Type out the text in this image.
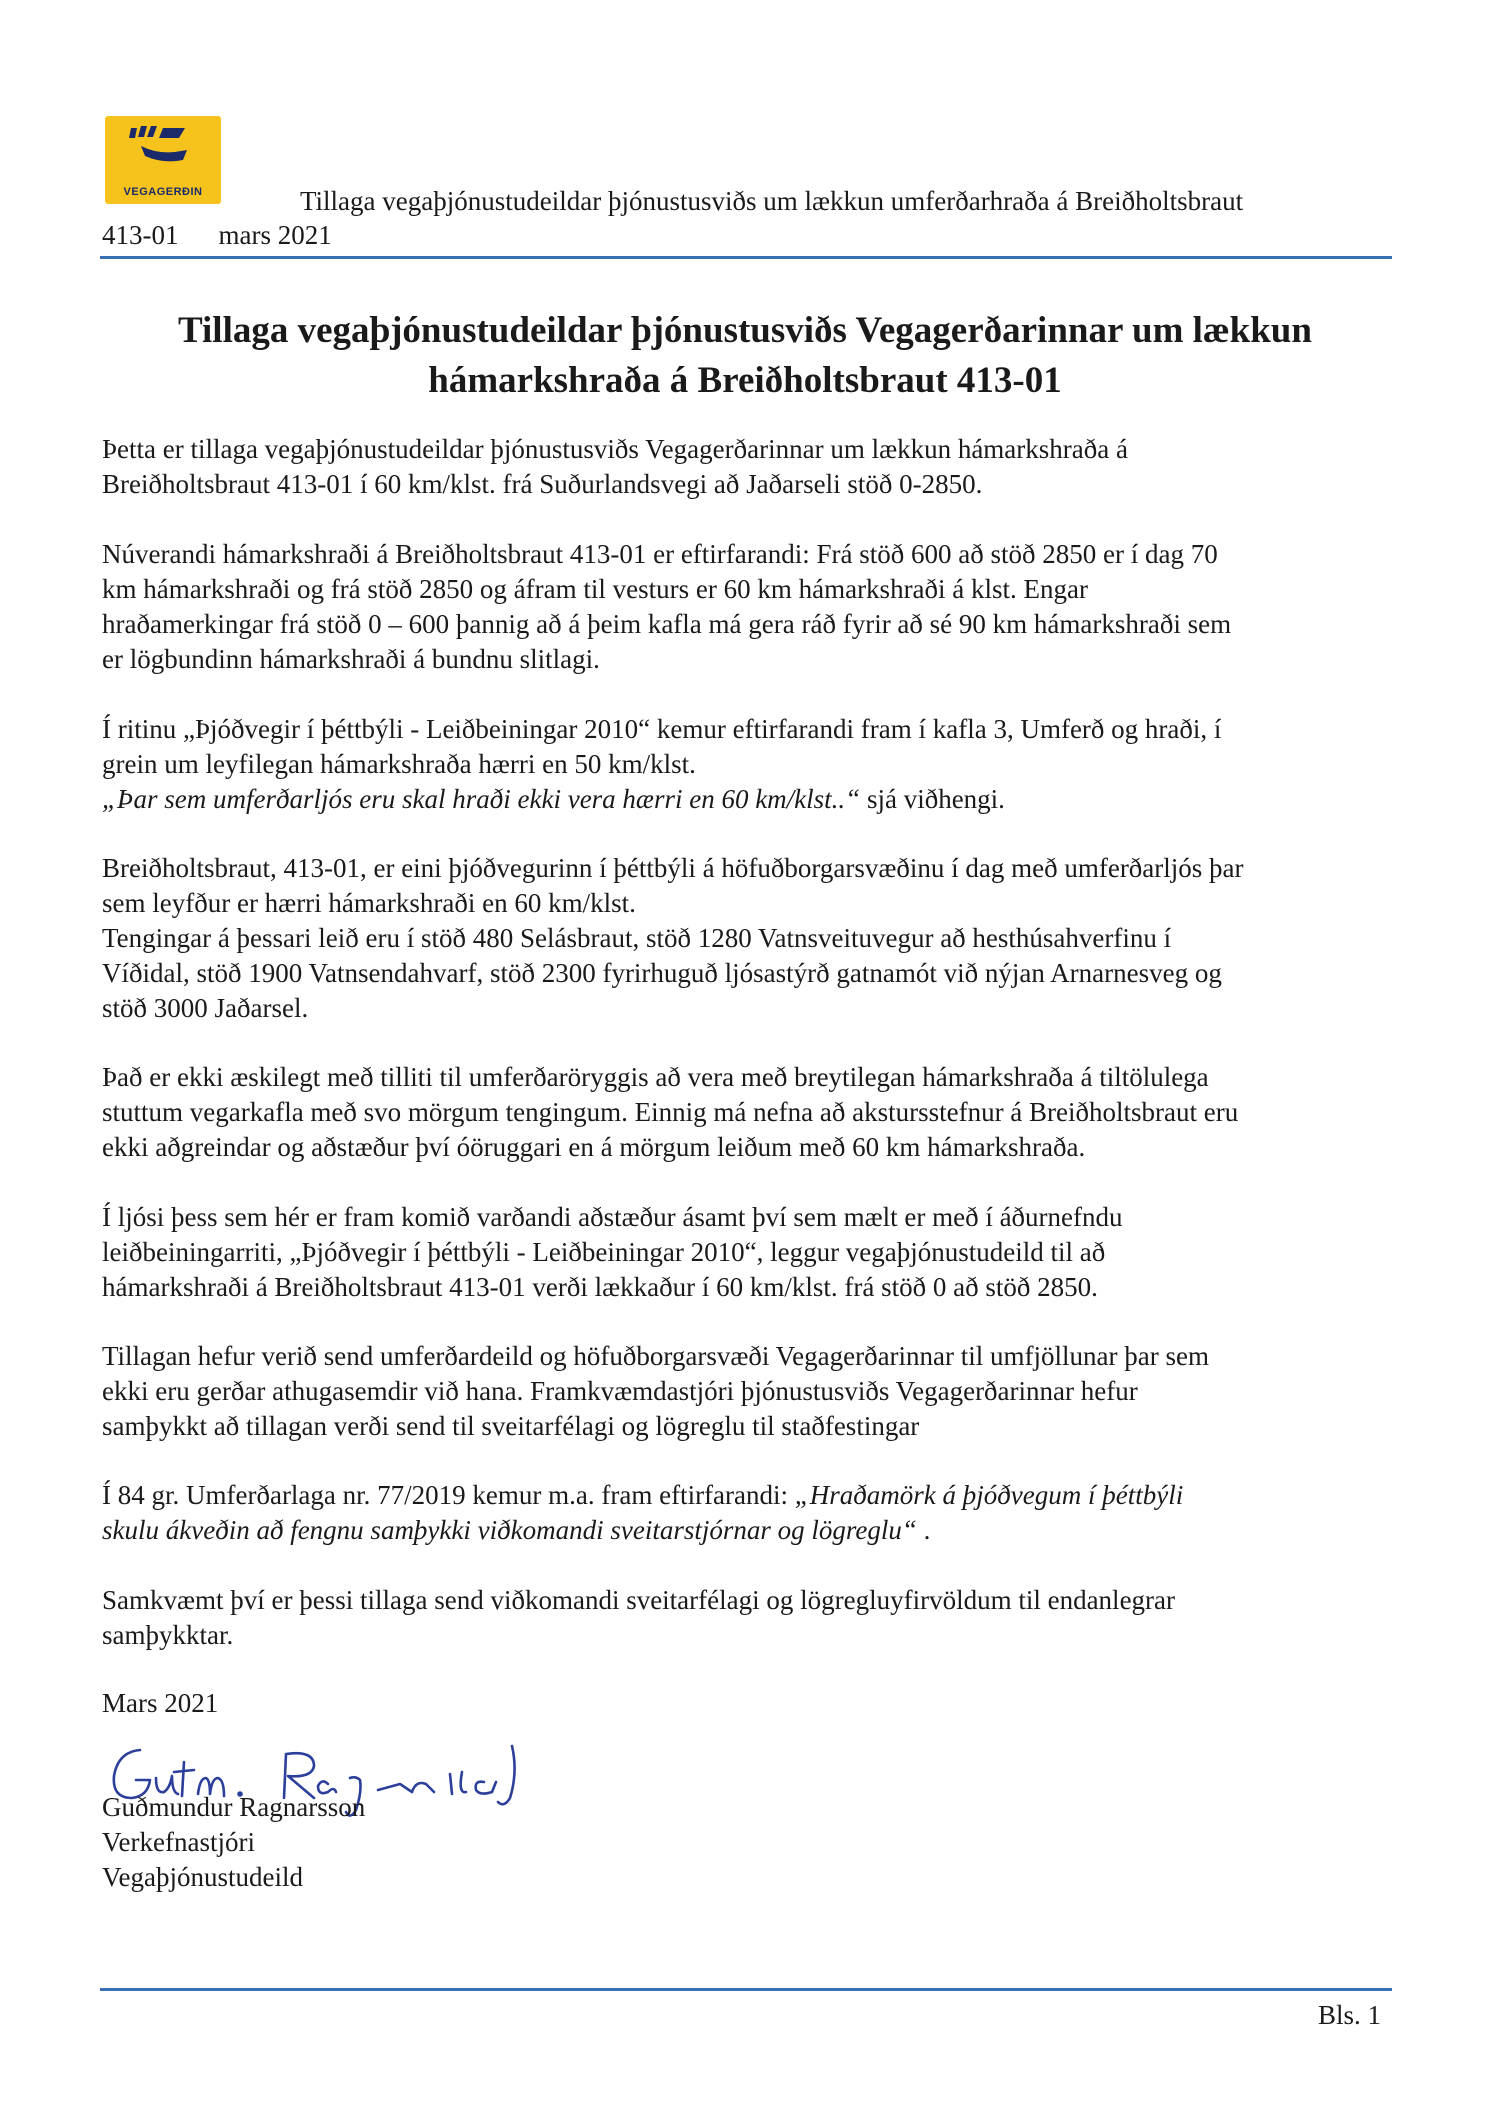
VEGAGERÐIN	Tillaga vegaþjónustudeildar þjónustusviðs um lækkun umferðarhraða á Breiðholtsbraut
413-01 mars 2021
Tillaga vegaþjónustudeildar þjónustusviðs Vegagerðarinnar um lækkun
hámarkshraða á Breiðholtsbraut 413-01
Þetta er tillaga vegaþjónustudeildar þjónustusviðs Vegagerðarinnar um lækkun hámarkshraða á
Breiðholtsbraut 413-01 í 60 km/klst. frá Suðurlandsvegi að Jaðarseli stöð 0-2850.
Núverandi hámarkshraði á Breiðholtsbraut 413-01 er eftirfarandi: Frá stöð 600 að stöð 2850 er í dag 70
km hámarkshraði og frá stöð 2850 og áfram til vesturs er 60 km hámarkshraði á klst. Engar
hraðamerkingar frá stöð 0 – 600 þannig að á þeim kafla má gera ráð fyrir að sé 90 km hámarkshraði sem
er lögbundinn hámarkshraði á bundnu slitlagi.
Í ritinu „Þjóðvegir í þéttbýli - Leiðbeiningar 2010“ kemur eftirfarandi fram í kafla 3, Umferð og hraði, í
grein um leyfilegan hámarkshraða hærri en 50 km/klst.
„Þar sem umferðarljós eru skal hraði ekki vera hærri en 60 km/klst..“ sjá viðhengi.
Breiðholtsbraut, 413-01, er eini þjóðvegurinn í þéttbýli á höfuðborgarsvæðinu í dag með umferðarljós þar
sem leyfður er hærri hámarkshraði en 60 km/klst.
Tengingar á þessari leið eru í stöð 480 Selásbraut, stöð 1280 Vatnsveituvegur að hesthúsahverfinu í
Víðidal, stöð 1900 Vatnsendahvarf, stöð 2300 fyrirhuguð ljósastýrð gatnamót við nýjan Arnarnesveg og
stöð 3000 Jaðarsel.
Það er ekki æskilegt með tilliti til umferðaröryggis að vera með breytilegan hámarkshraða á tiltölulega
stuttum vegarkafla með svo mörgum tengingum. Einnig má nefna að akstursstefnur á Breiðholtsbraut eru
ekki aðgreindar og aðstæður því óöruggari en á mörgum leiðum með 60 km hámarkshraða.
Í ljósi þess sem hér er fram komið varðandi aðstæður ásamt því sem mælt er með í áðurnefndu
leiðbeiningarriti, „Þjóðvegir í þéttbýli - Leiðbeiningar 2010“, leggur vegaþjónustudeild til að
hámarkshraði á Breiðholtsbraut 413-01 verði lækkaður í 60 km/klst. frá stöð 0 að stöð 2850.
Tillagan hefur verið send umferðardeild og höfuðborgarsvæði Vegagerðarinnar til umfjöllunar þar sem
ekki eru gerðar athugasemdir við hana. Framkvæmdastjóri þjónustusviðs Vegagerðarinnar hefur
samþykkt að tillagan verði send til sveitarfélagi og lögreglu til staðfestingar
Í 84 gr. Umferðarlaga nr. 77/2019 kemur m.a. fram eftirfarandi: „Hraðamörk á þjóðvegum í þéttbýli
skulu ákveðin að fengnu samþykki viðkomandi sveitarstjórnar og lögreglu“ .
Samkvæmt því er þessi tillaga send viðkomandi sveitarfélagi og lögregluyfirvöldum til endanlegrar
samþykktar.
Mars 2021
Guðmundur Ragnarsson
Verkefnastjóri
Vegaþjónustudeild
Bls. 1
